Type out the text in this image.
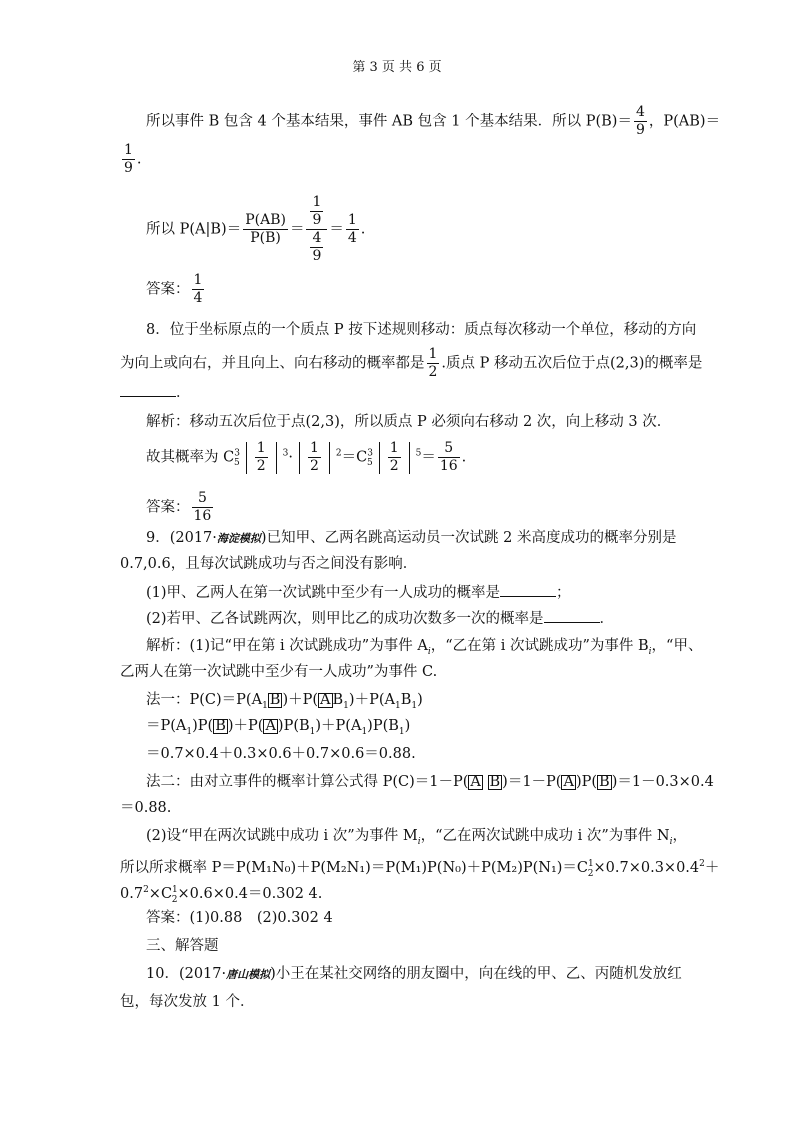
第 3 页 共 6 页
所以事件 B 包含 4 个基本结果，事件 AB 包含 1 个基本结果．所以 $P(B)= \frac{4}{9}$ ，P(AB)＝
$\frac{1}{9}$ .
所以 $P(A|B)= \frac{P(AB)}{P(B)} = \frac{\frac{1}{9}}{\frac{4}{9}} = \frac{1}{4}$ .
答案： $\frac{1}{4}$
8．位于坐标原点的一个质点 P 按下述规则移动：质点每次移动一个单位，移动的方向
为向上或向右，并且向上、向右移动的概率都是 $\frac{1}{2}$ .质点 P 移动五次后位于点(2,3)的概率是
．
解析：移动五次后位于点(2,3)，所以质点 P 必须向右移动 2 次，向上移动 3 次．
故其概率为 $C^3_5 \frac{1}{2} ^3\cdot \frac{1}{2} ^2=C^3_5 \frac{1}{2} ^5= \frac{5}{16}$ .
答案： $\frac{5}{16}$
9．(2017·海淀模拟)已知甲、乙两名跳高运动员一次试跳 2 米高度成功的概率分别是
0.7,0.6，且每次试跳成功与否之间没有影响．
(1)甲、乙两人在第一次试跳中至少有一人成功的概率是	；
(2)若甲、乙各试跳两次，则甲比乙的成功次数多一次的概率是	．
解析：(1)记“甲在第 i 次试跳成功”为事件 $A_i$，“乙在第 i 次试跳成功”为事件 $B_i$，“甲、
乙两人在第一次试跳中至少有一人成功”为事件 C.
法一：$P(C)=P(A_1$ B )＋P( A $B_1)+P(A_1B_1)$
$=P(A_1)P$( B )＋P( A )$P(B_1)+P(A_1)P(B_1)$
＝0.7×0.4＋0.3×0.6＋0.7×0.6＝0.88.
法二：由对立事件的概率计算公式得 P(C)＝1－P( A B )＝1－P( A )P( B )＝1－0.3×0.4
＝0.88.
(2)设“甲在两次试跳中成功 i 次”为事件 $M_i$，“乙在两次试跳中成功 i 次”为事件 $N_i$，
所以所求概率 $P=P(M_1N_0)+P(M_2N_1)=P(M_1)P(N_0)+P(M_2)P(N_1)=C^1_2\times 0.7\times 0.3\times 0.4^2+$
$0.7^2\times C^1_2\times 0.6\times 0.4=0.302$ 4.
答案：(1)0.88　(2)0.302 4
三、解答题
10．(2017·唐山模拟)小王在某社交网络的朋友圈中，向在线的甲、乙、丙随机发放红
包，每次发放 1 个．
